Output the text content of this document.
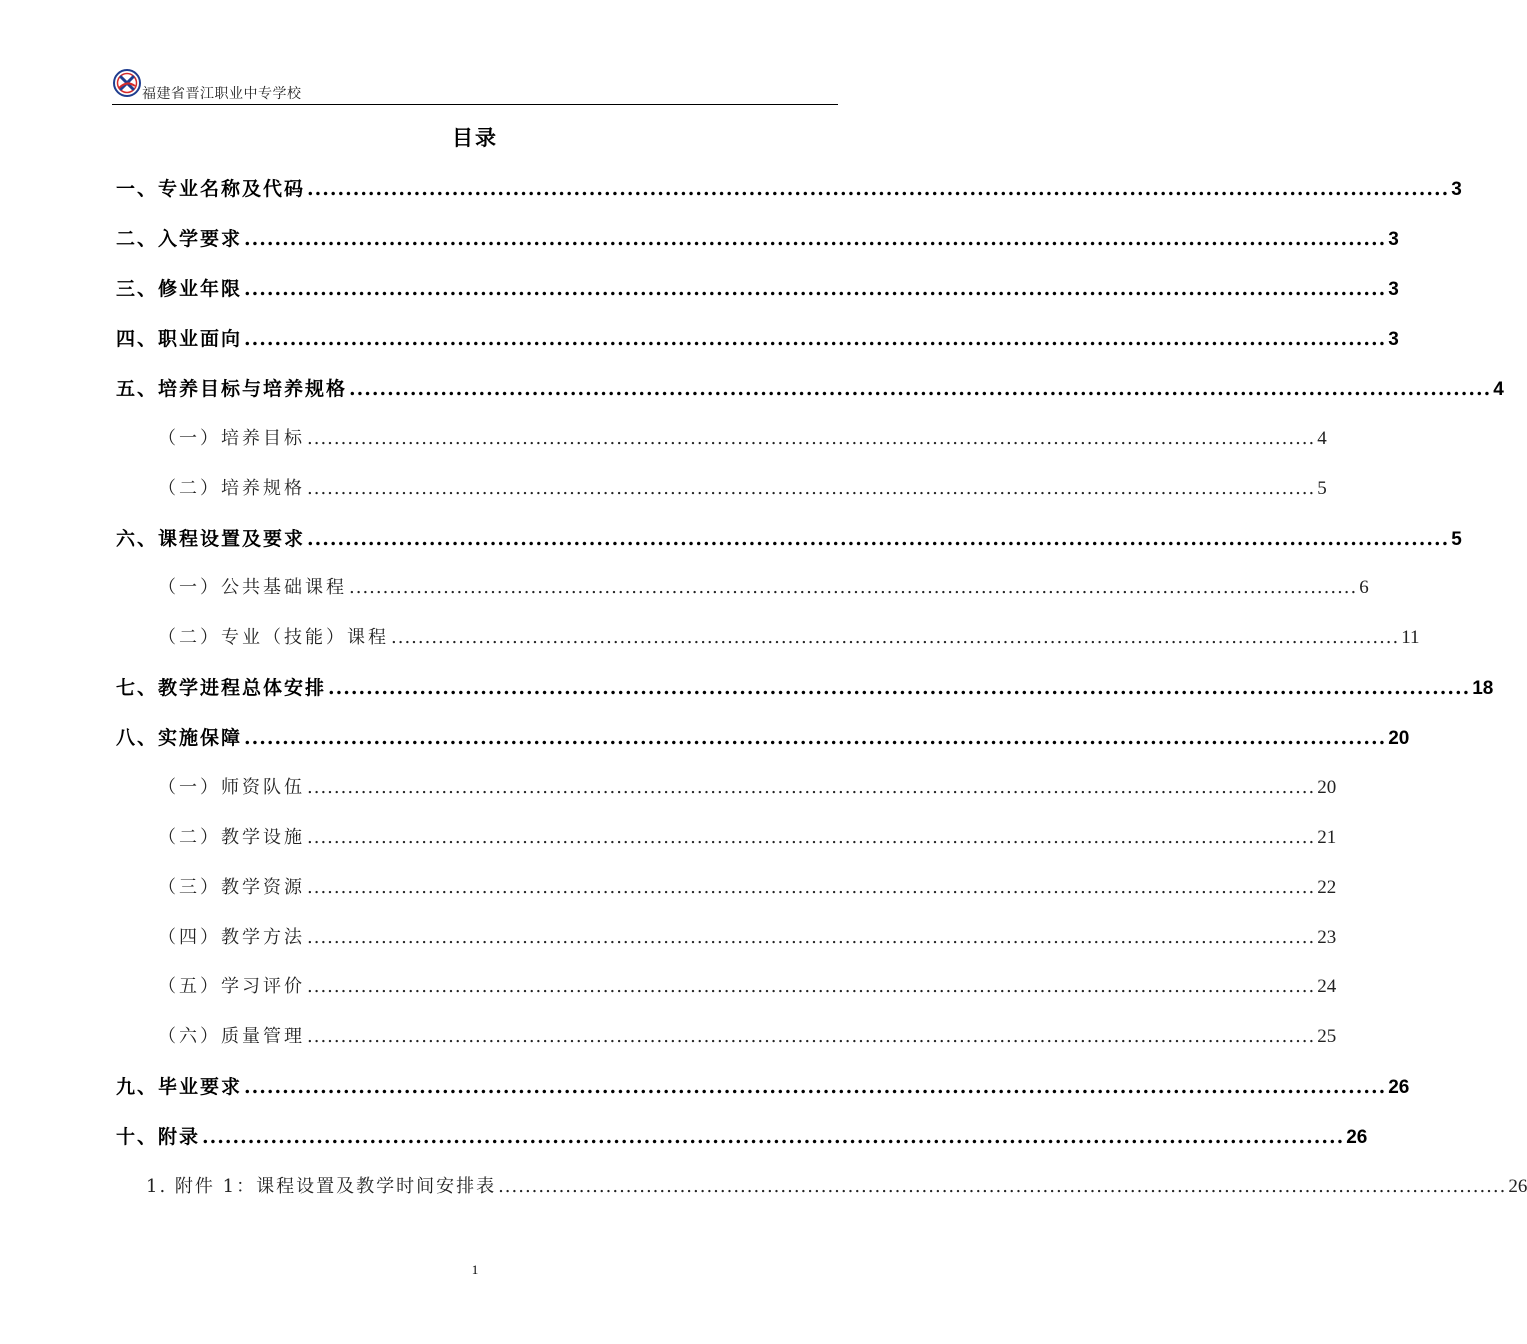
福建省晋江职业中专学校
目录
一、专业名称及代码 ...................................................................................................................................................... 3
二、入学要求 ...................................................................................................................................................... 3
三、修业年限 ...................................................................................................................................................... 3
四、职业面向 ...................................................................................................................................................... 3
五、培养目标与培养规格 ...................................................................................................................................................... 4
（一）培养目标 ...................................................................................................................................................... 4
（二）培养规格 ...................................................................................................................................................... 5
六、课程设置及要求 ...................................................................................................................................................... 5
（一）公共基础课程 ...................................................................................................................................................... 6
（二）专业（技能）课程 ...................................................................................................................................................... 11
七、教学进程总体安排 ...................................................................................................................................................... 18
八、实施保障 ...................................................................................................................................................... 20
（一）师资队伍 ...................................................................................................................................................... 20
（二）教学设施 ...................................................................................................................................................... 21
（三）教学资源 ...................................................................................................................................................... 22
（四）教学方法 ...................................................................................................................................................... 23
（五）学习评价 ...................................................................................................................................................... 24
（六）质量管理 ...................................................................................................................................................... 25
九、毕业要求 ...................................................................................................................................................... 26
十、附录 ...................................................................................................................................................... 26
1. 附件 1：课程设置及教学时间安排表 ...................................................................................................................................................... 26
1
